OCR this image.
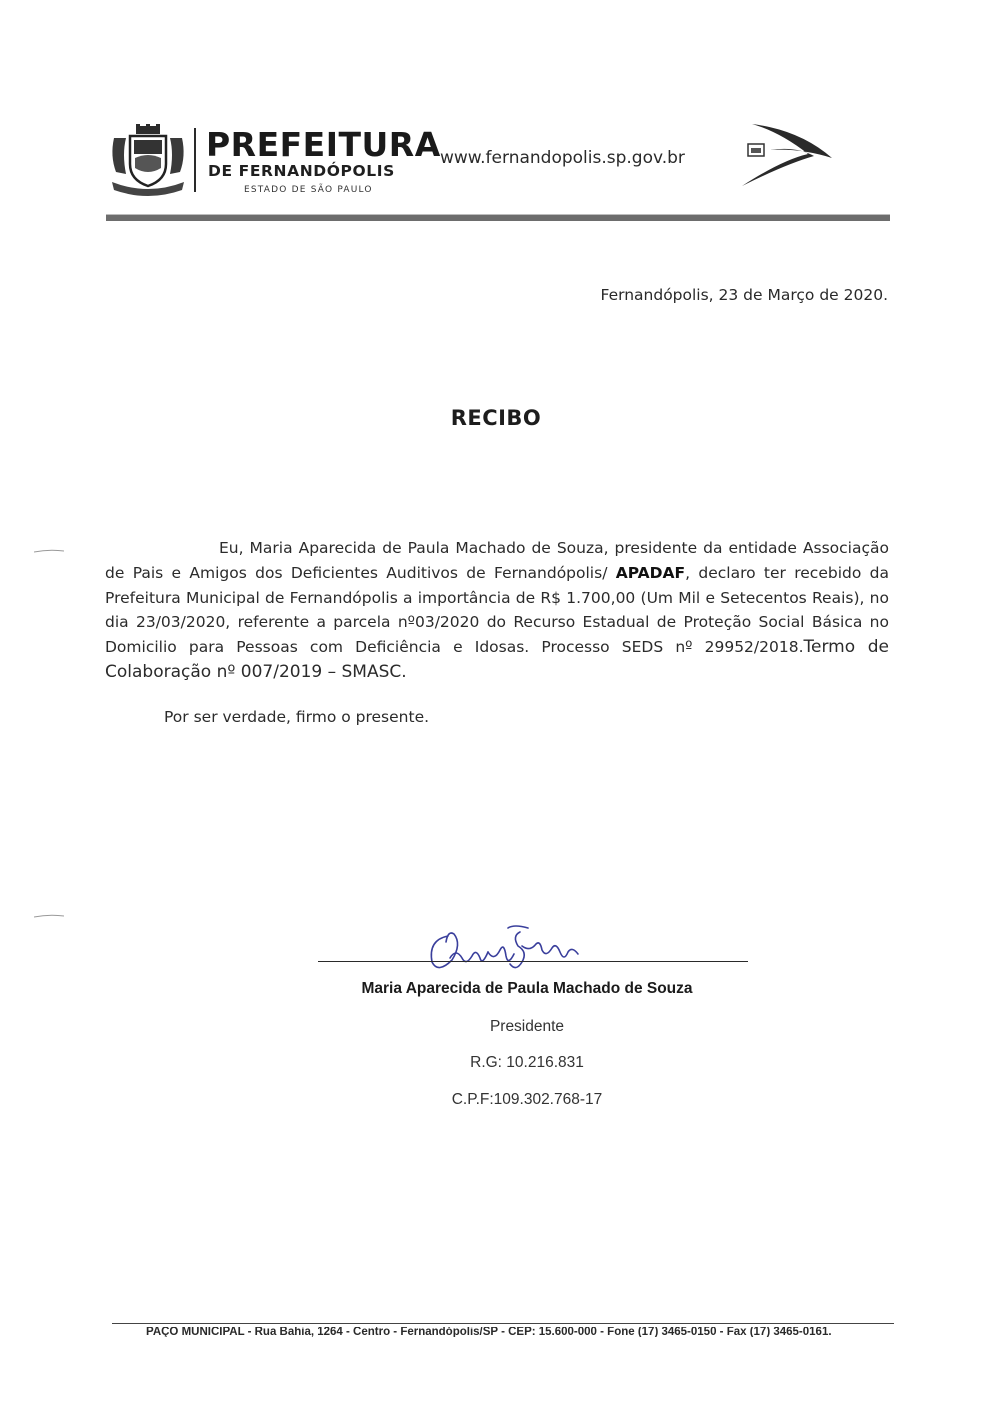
PREFEITURA
DE FERNANDÓPOLIS
ESTADO DE SÃO PAULO
www.fernandopolis.sp.gov.br
Fernandópolis, 23 de Março de 2020.
RECIBO
Eu, Maria Aparecida de Paula Machado de Souza, presidente da entidade Associação de Pais e Amigos dos Deficientes Auditivos de Fernandópolis/ APADAF, declaro ter recebido da Prefeitura Municipal de Fernandópolis a importância de R$ 1.700,00 (Um Mil e Setecentos Reais), no dia 23/03/2020, referente a parcela nº03/2020 do Recurso Estadual de Proteção Social Básica no Domicilio para Pessoas com Deficiência e Idosas. Processo SEDS nº 29952/2018.Termo de Colaboração nº 007/2019 – SMASC.
Por ser verdade, firmo o presente.
Maria Aparecida de Paula Machado de Souza
Presidente
R.G: 10.216.831
C.P.F:109.302.768-17
PAÇO MUNICIPAL - Rua Bahia, 1264 - Centro - Fernandópolis/SP - CEP: 15.600-000 - Fone (17) 3465-0150 - Fax (17) 3465-0161.
